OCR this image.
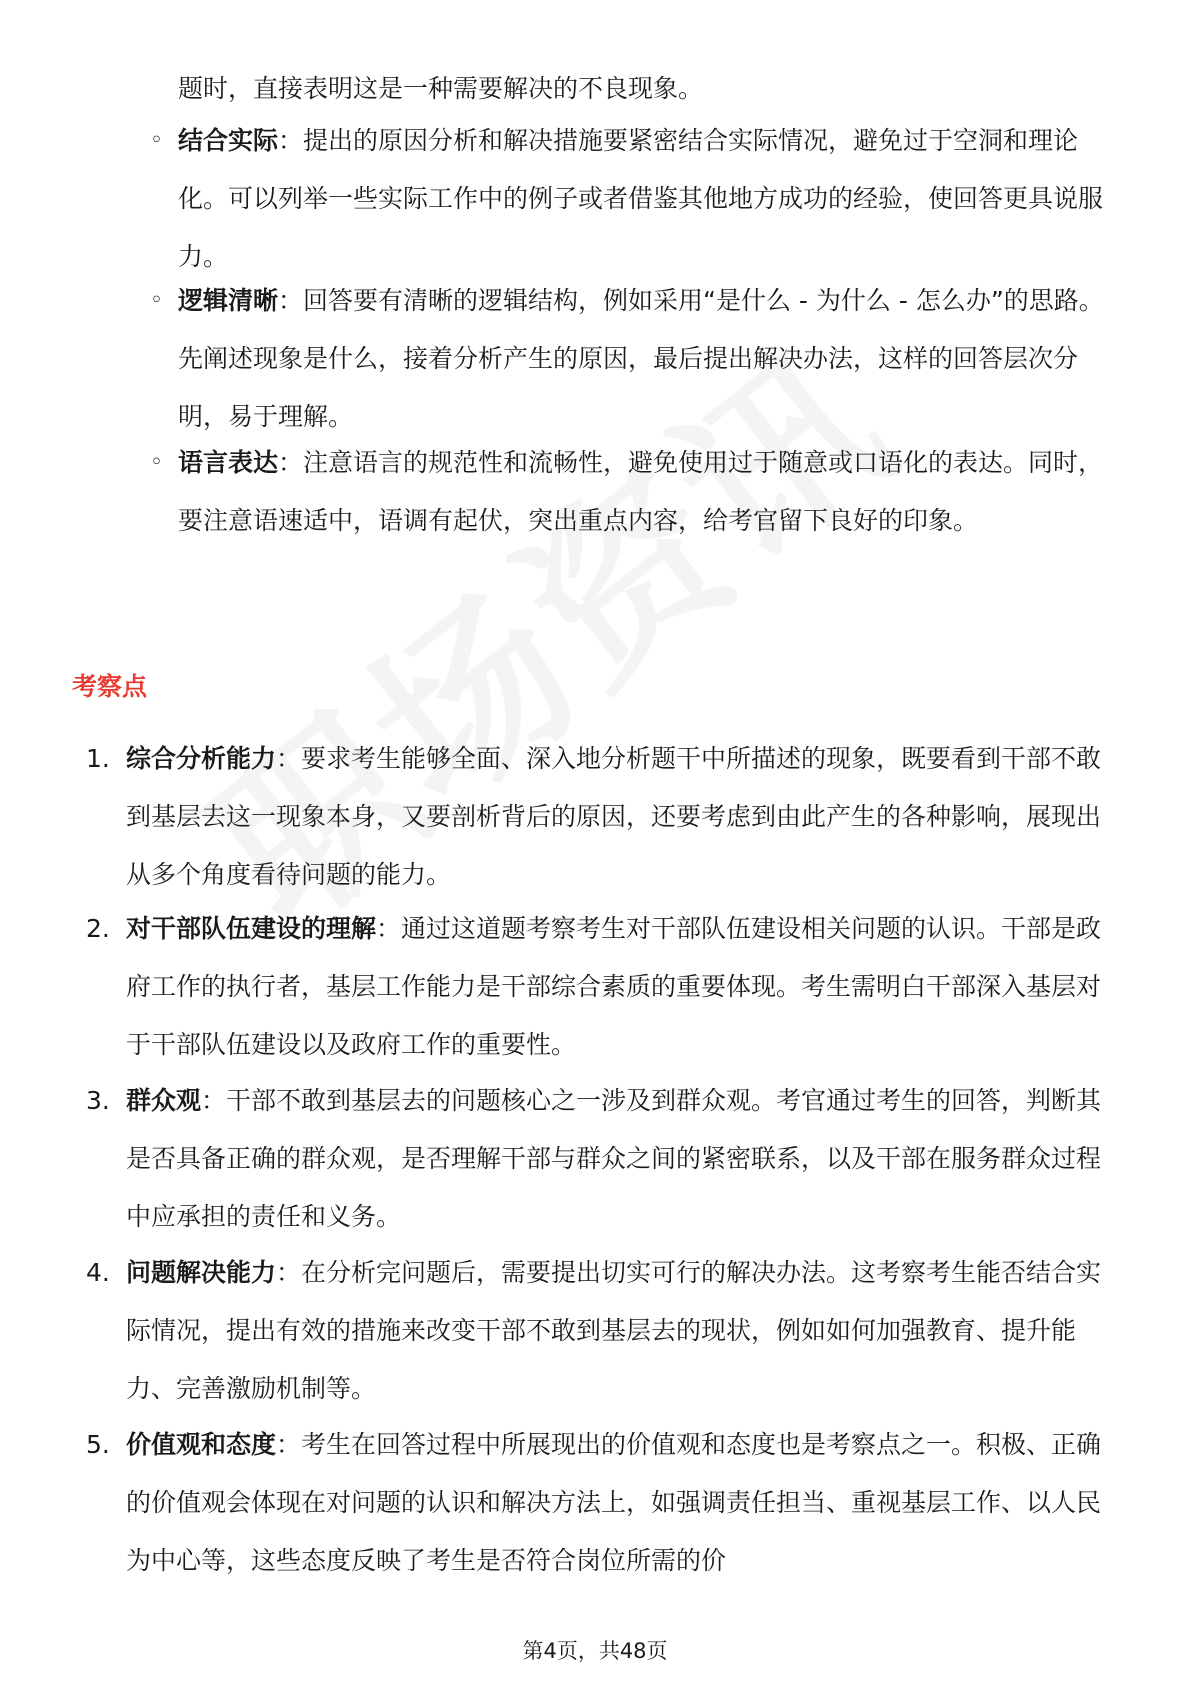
题时，直接表明这是一种需要解决的不良现象。

◦ 结合实际：提出的原因分析和解决措施要紧密结合实际情况，避免过于空洞和理论化。可以列举一些实际工作中的例子或者借鉴其他地方成功的经验，使回答更具说服力。
◦ 逻辑清晰：回答要有清晰的逻辑结构，例如采用“是什么 - 为什么 - 怎么办”的思路。先阐述现象是什么，接着分析产生的原因，最后提出解决办法，这样的回答层次分明，易于理解。
◦ 语言表达：注意语言的规范性和流畅性，避免使用过于随意或口语化的表达。同时，要注意语速适中，语调有起伏，突出重点内容，给考官留下良好的印象。
考察点
1. 综合分析能力：要求考生能够全面、深入地分析题干中所描述的现象，既要看到干部不敢到基层去这一现象本身，又要剖析背后的原因，还要考虑到由此产生的各种影响，展现出从多个角度看待问题的能力。
2. 对干部队伍建设的理解：通过这道题考察考生对干部队伍建设相关问题的认识。干部是政府工作的执行者，基层工作能力是干部综合素质的重要体现。考生需明白干部深入基层对于干部队伍建设以及政府工作的重要性。
3. 群众观：干部不敢到基层去的问题核心之一涉及到群众观。考官通过考生的回答，判断其是否具备正确的群众观，是否理解干部与群众之间的紧密联系，以及干部在服务群众过程中应承担的责任和义务。
4. 问题解决能力：在分析完问题后，需要提出切实可行的解决办法。这考察考生能否结合实际情况，提出有效的措施来改变干部不敢到基层去的现状，例如如何加强教育、提升能力、完善激励机制等。
5. 价值观和态度：考生在回答过程中所展现出的价值观和态度也是考察点之一。积极、正确的价值观会体现在对问题的认识和解决方法上，如强调责任担当、重视基层工作、以人民为中心等，这些态度反映了考生是否符合岗位所需的价
第4页，共48页
